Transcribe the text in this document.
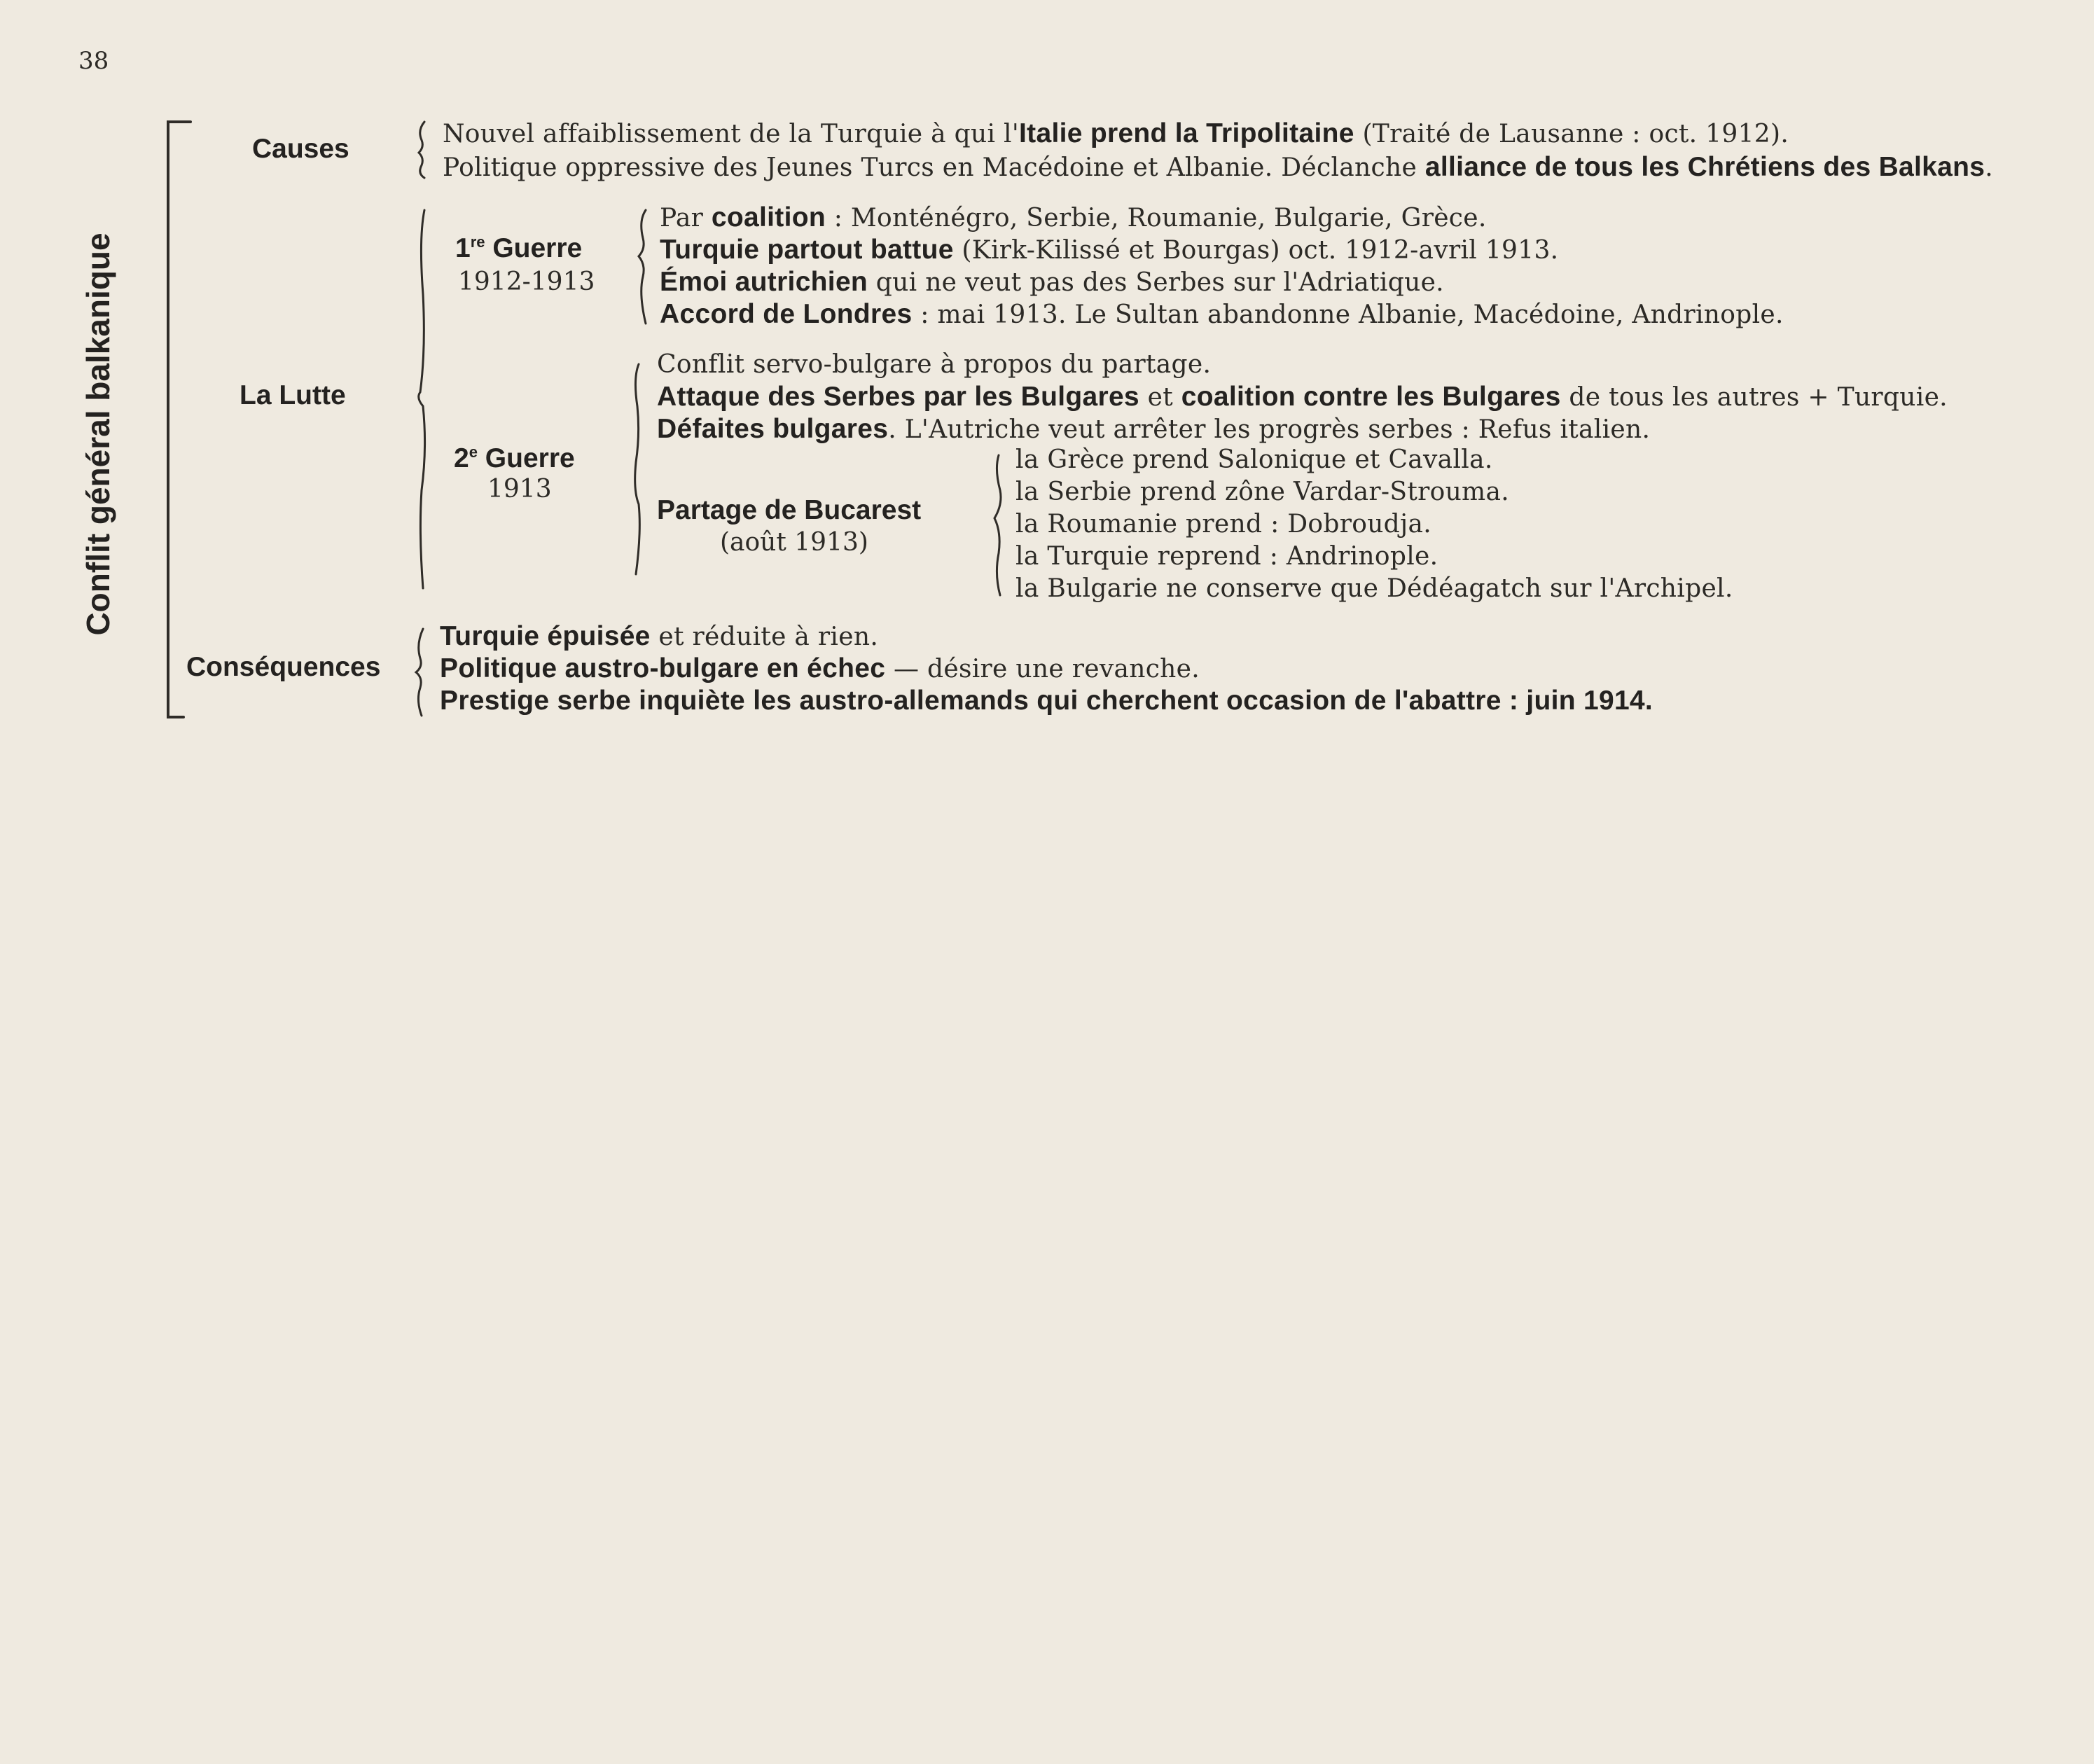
38
Conflit général balkanique
Causes	Nouvel affaiblissement de la Turquie à qui l'Italie prend la Tripolitaine (Traité de Lausanne : oct. 1912).
Politique oppressive des Jeunes Turcs en Macédoine et Albanie. Déclanche alliance de tous les Chrétiens des Balkans.
La Lutte
1re Guerre
1912-1913
Par coalition : Monténégro, Serbie, Roumanie, Bulgarie, Grèce.
Turquie partout battue (Kirk-Kilissé et Bourgas) oct. 1912-avril 1913.
Émoi autrichien qui ne veut pas des Serbes sur l'Adriatique.
Accord de Londres : mai 1913. Le Sultan abandonne Albanie, Macédoine, Andrinople.
2e Guerre
1913
Conflit servo-bulgare à propos du partage.
Attaque des Serbes par les Bulgares et coalition contre les Bulgares de tous les autres + Turquie.
Défaites bulgares. L'Autriche veut arrêter les progrès serbes : Refus italien.
Partage de Bucarest
(août 1913)
la Grèce prend Salonique et Cavalla.
la Serbie prend zône Vardar-Strouma.
la Roumanie prend : Dobroudja.
la Turquie reprend : Andrinople.
la Bulgarie ne conserve que Dédéagatch sur l'Archipel.
Conséquences
Turquie épuisée et réduite à rien.
Politique austro-bulgare en échec — désire une revanche.
Prestige serbe inquiète les austro-allemands qui cherchent occasion de l'abattre : juin 1914.
